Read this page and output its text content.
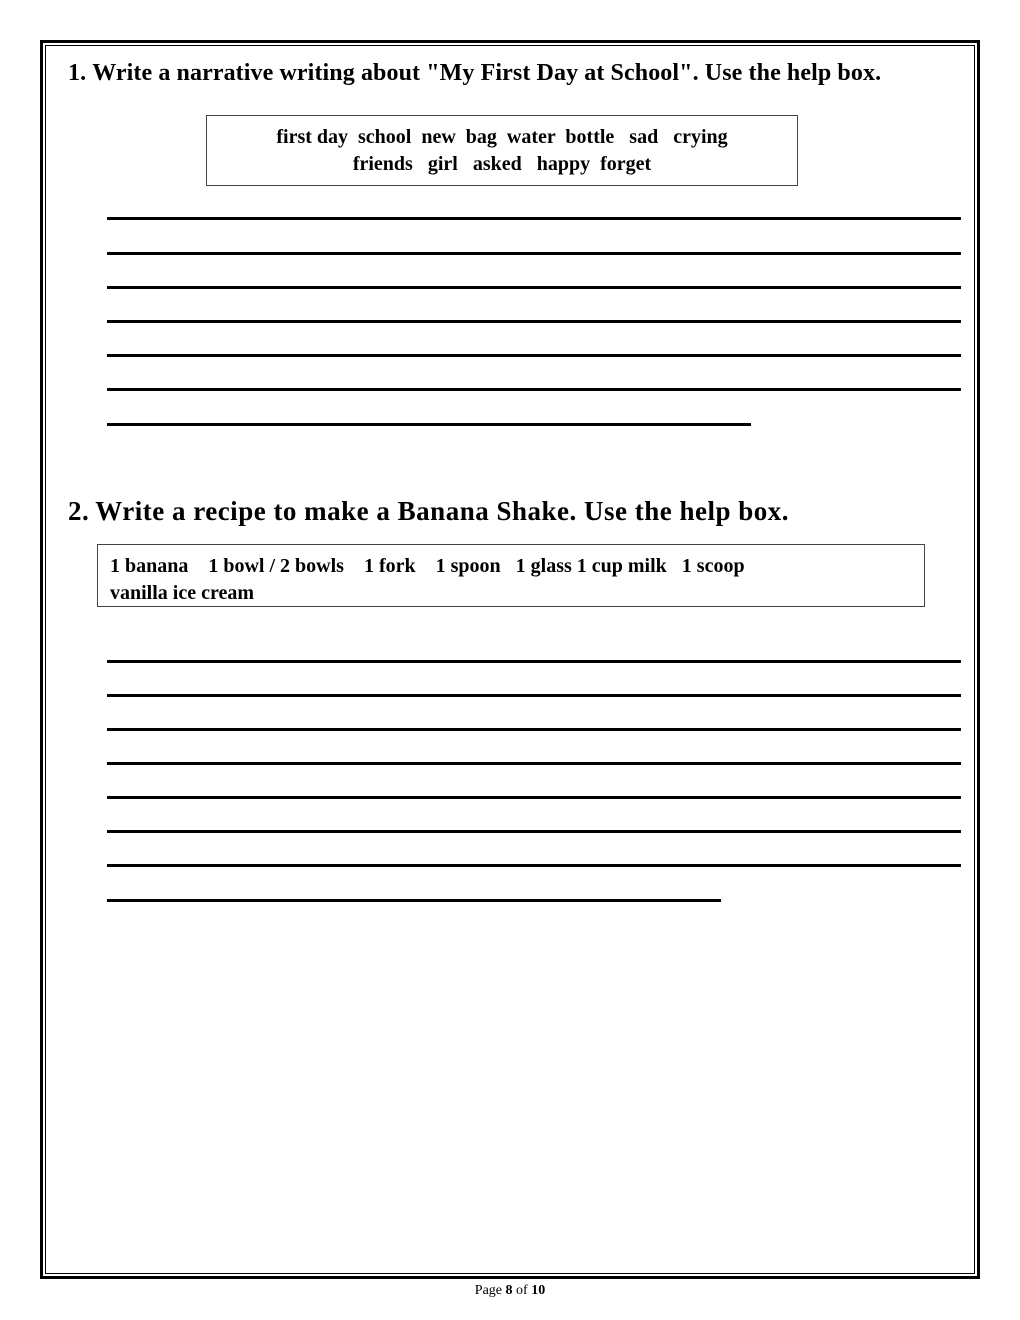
1. Write a narrative writing about "My First Day at School". Use the help box.
first day  school  new  bag  water  bottle   sad   crying
friends   girl   asked   happy  forget
2. Write a recipe to make a Banana Shake. Use the help box.
1 banana    1 bowl / 2 bowls    1 fork    1 spoon   1 glass 1 cup milk   1 scoop
vanilla ice cream
Page 8 of 10
